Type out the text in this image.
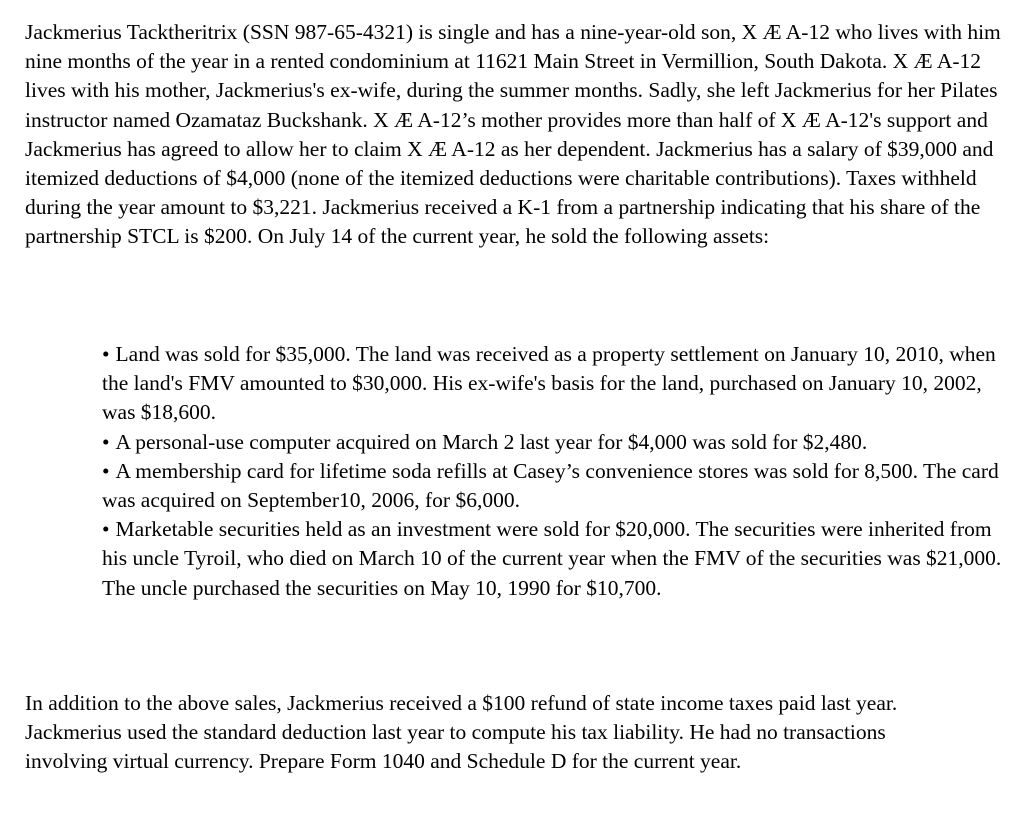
Jackmerius Tacktheritrix (SSN 987-65-4321) is single and has a nine-year-old son, X Æ A-12 who lives with him nine months of the year in a rented condominium at 11621 Main Street in Vermillion, South Dakota. X Æ A-12 lives with his mother, Jackmerius's ex-wife, during the summer months. Sadly, she left Jackmerius for her Pilates instructor named Ozamataz Buckshank. X Æ A-12’s mother provides more than half of X Æ A-12's support and Jackmerius has agreed to allow her to claim X Æ A-12 as her dependent. Jackmerius has a salary of $39,000 and itemized deductions of $4,000 (none of the itemized deductions were charitable contributions). Taxes withheld during the year amount to $3,221. Jackmerius received a K-1 from a partnership indicating that his share of the partnership STCL is $200. On July 14 of the current year, he sold the following assets:

• Land was sold for $35,000. The land was received as a property settlement on January 10, 2010, when the land's FMV amounted to $30,000. His ex-wife's basis for the land, purchased on January 10, 2002, was $18,600.
• A personal-use computer acquired on March 2 last year for $4,000 was sold for $2,480.
• A membership card for lifetime soda refills at Casey’s convenience stores was sold for 8,500. The card was acquired on September10, 2006, for $6,000.
• Marketable securities held as an investment were sold for $20,000. The securities were inherited from his uncle Tyroil, who died on March 10 of the current year when the FMV of the securities was $21,000. The uncle purchased the securities on May 10, 1990 for $10,700.

In addition to the above sales, Jackmerius received a $100 refund of state income taxes paid last year. Jackmerius used the standard deduction last year to compute his tax liability. He had no transactions involving virtual currency. Prepare Form 1040 and Schedule D for the current year.
